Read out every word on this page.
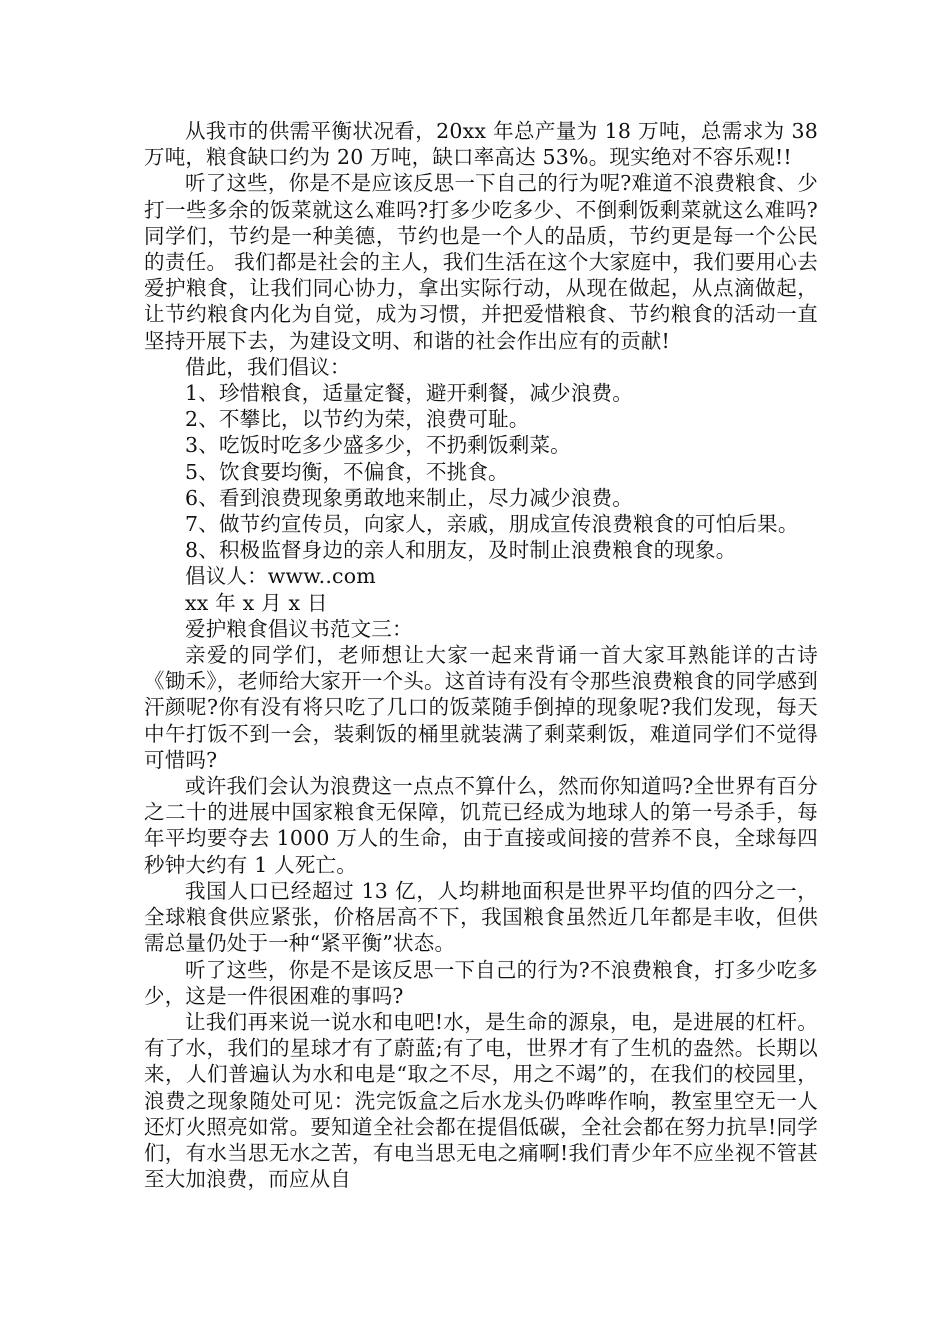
从我市的供需平衡状况看，20xx 年总产量为 18 万吨，总需求为 38 万吨，粮食缺口约为 20 万吨，缺口率高达 53%。现实绝对不容乐观!!

听了这些，你是不是应该反思一下自己的行为呢?难道不浪费粮食、少打一些多余的饭菜就这么难吗?打多少吃多少、不倒剩饭剩菜就这么难吗?同学们，节约是一种美德，节约也是一个人的品质，节约更是每一个公民的责任。 我们都是社会的主人，我们生活在这个大家庭中，我们要用心去爱护粮食，让我们同心协力，拿出实际行动，从现在做起，从点滴做起，让节约粮食内化为自觉，成为习惯，并把爱惜粮食、节约粮食的活动一直坚持开展下去，为建设文明、和谐的社会作出应有的贡献!

借此，我们倡议：

1、珍惜粮食，适量定餐，避开剩餐，减少浪费。

2、不攀比，以节约为荣，浪费可耻。

3、吃饭时吃多少盛多少，不扔剩饭剩菜。

5、饮食要均衡，不偏食，不挑食。

6、看到浪费现象勇敢地来制止，尽力减少浪费。

7、做节约宣传员，向家人，亲戚，朋成宣传浪费粮食的可怕后果。

8、积极监督身边的亲人和朋友，及时制止浪费粮食的现象。

倡议人：www..com

xx 年 x 月 x 日

爱护粮食倡议书范文三：

亲爱的同学们，老师想让大家一起来背诵一首大家耳熟能详的古诗《锄禾》，老师给大家开一个头。这首诗有没有令那些浪费粮食的同学感到汗颜呢?你有没有将只吃了几口的饭菜随手倒掉的现象呢?我们发现，每天中午打饭不到一会，装剩饭的桶里就装满了剩菜剩饭，难道同学们不觉得可惜吗?

或许我们会认为浪费这一点点不算什么，然而你知道吗?全世界有百分之二十的进展中国家粮食无保障，饥荒已经成为地球人的第一号杀手，每年平均要夺去 1000 万人的生命，由于直接或间接的营养不良，全球每四秒钟大约有 1 人死亡。

我国人口已经超过 13 亿，人均耕地面积是世界平均值的四分之一，全球粮食供应紧张，价格居高不下，我国粮食虽然近几年都是丰收，但供需总量仍处于一种“紧平衡”状态。

听了这些，你是不是该反思一下自己的行为?不浪费粮食，打多少吃多少，这是一件很困难的事吗?

让我们再来说一说水和电吧!水，是生命的源泉，电，是进展的杠杆。有了水，我们的星球才有了蔚蓝;有了电，世界才有了生机的盎然。长期以来，人们普遍认为水和电是“取之不尽，用之不竭”的，在我们的校园里，浪费之现象随处可见：洗完饭盒之后水龙头仍哗哗作响，教室里空无一人还灯火照亮如常。要知道全社会都在提倡低碳，全社会都在努力抗旱!同学们，有水当思无水之苦，有电当思无电之痛啊!我们青少年不应坐视不管甚至大加浪费，而应从自
